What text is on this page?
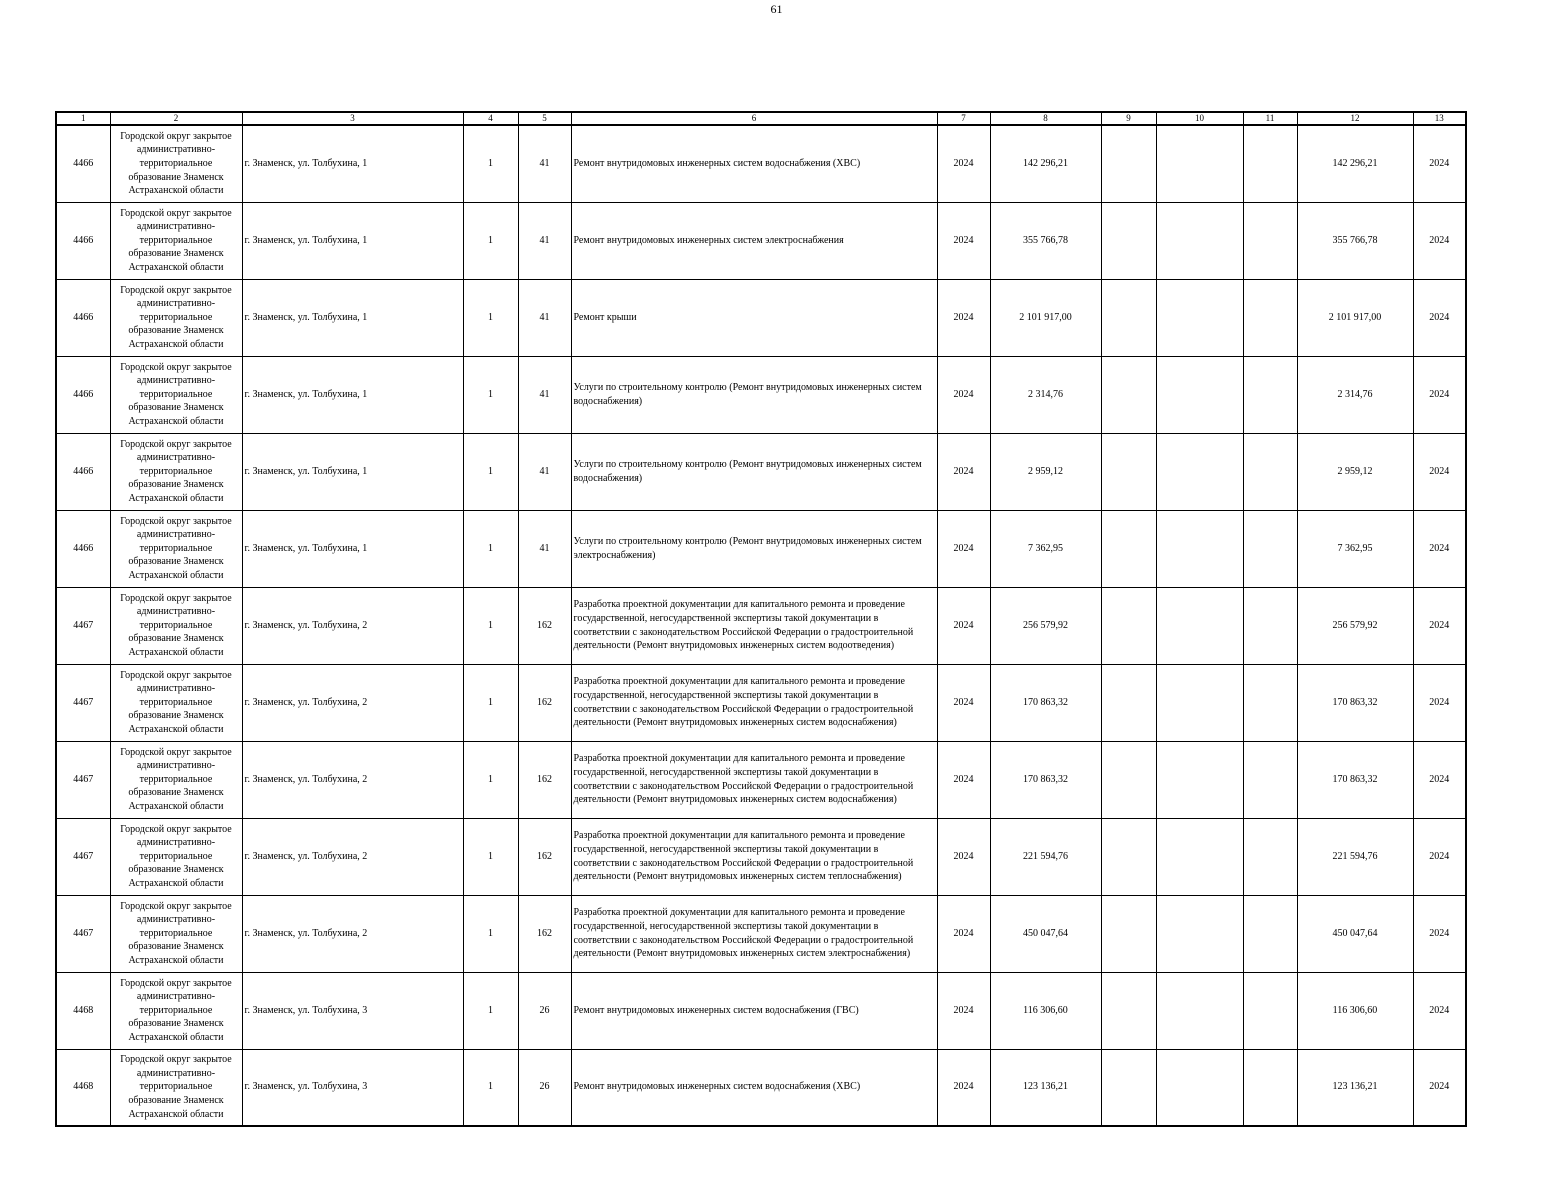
61
1	2	3	4	5	6	7	8	9	10	11	12	13
4466	Городской округ закрытое административно-территориальное образование Знаменск Астраханской области	г. Знаменск, ул. Толбухина, 1	1	41	Ремонт внутридомовых инженерных систем водоснабжения (ХВС)	2024	142 296,21				142 296,21	2024
4466	Городской округ закрытое административно-территориальное образование Знаменск Астраханской области	г. Знаменск, ул. Толбухина, 1	1	41	Ремонт внутридомовых инженерных систем электроснабжения	2024	355 766,78				355 766,78	2024
4466	Городской округ закрытое административно-территориальное образование Знаменск Астраханской области	г. Знаменск, ул. Толбухина, 1	1	41	Ремонт крыши	2024	2 101 917,00				2 101 917,00	2024
4466	Городской округ закрытое административно-территориальное образование Знаменск Астраханской области	г. Знаменск, ул. Толбухина, 1	1	41	Услуги по строительному контролю (Ремонт внутридомовых инженерных систем водоснабжения)	2024	2 314,76				2 314,76	2024
4466	Городской округ закрытое административно-территориальное образование Знаменск Астраханской области	г. Знаменск, ул. Толбухина, 1	1	41	Услуги по строительному контролю (Ремонт внутридомовых инженерных систем водоснабжения)	2024	2 959,12				2 959,12	2024
4466	Городской округ закрытое административно-территориальное образование Знаменск Астраханской области	г. Знаменск, ул. Толбухина, 1	1	41	Услуги по строительному контролю (Ремонт внутридомовых инженерных систем электроснабжения)	2024	7 362,95				7 362,95	2024
4467	Городской округ закрытое административно-территориальное образование Знаменск Астраханской области	г. Знаменск, ул. Толбухина, 2	1	162	Разработка проектной документации для капитального ремонта и проведение государственной, негосударственной экспертизы такой документации в соответствии с законодательством Российской Федерации о градостроительной деятельности (Ремонт внутридомовых инженерных систем водоотведения)	2024	256 579,92				256 579,92	2024
4467	Городской округ закрытое административно-территориальное образование Знаменск Астраханской области	г. Знаменск, ул. Толбухина, 2	1	162	Разработка проектной документации для капитального ремонта и проведение государственной, негосударственной экспертизы такой документации в соответствии с законодательством Российской Федерации о градостроительной деятельности (Ремонт внутридомовых инженерных систем водоснабжения)	2024	170 863,32				170 863,32	2024
4467	Городской округ закрытое административно-территориальное образование Знаменск Астраханской области	г. Знаменск, ул. Толбухина, 2	1	162	Разработка проектной документации для капитального ремонта и проведение государственной, негосударственной экспертизы такой документации в соответствии с законодательством Российской Федерации о градостроительной деятельности (Ремонт внутридомовых инженерных систем водоснабжения)	2024	170 863,32				170 863,32	2024
4467	Городской округ закрытое административно-территориальное образование Знаменск Астраханской области	г. Знаменск, ул. Толбухина, 2	1	162	Разработка проектной документации для капитального ремонта и проведение государственной, негосударственной экспертизы такой документации в соответствии с законодательством Российской Федерации о градостроительной деятельности (Ремонт внутридомовых инженерных систем теплоснабжения)	2024	221 594,76				221 594,76	2024
4467	Городской округ закрытое административно-территориальное образование Знаменск Астраханской области	г. Знаменск, ул. Толбухина, 2	1	162	Разработка проектной документации для капитального ремонта и проведение государственной, негосударственной экспертизы такой документации в соответствии с законодательством Российской Федерации о градостроительной деятельности (Ремонт внутридомовых инженерных систем электроснабжения)	2024	450 047,64				450 047,64	2024
4468	Городской округ закрытое административно-территориальное образование Знаменск Астраханской области	г. Знаменск, ул. Толбухина, 3	1	26	Ремонт внутридомовых инженерных систем водоснабжения (ГВС)	2024	116 306,60				116 306,60	2024
4468	Городской округ закрытое административно-территориальное образование Знаменск Астраханской области	г. Знаменск, ул. Толбухина, 3	1	26	Ремонт внутридомовых инженерных систем водоснабжения (ХВС)	2024	123 136,21				123 136,21	2024
